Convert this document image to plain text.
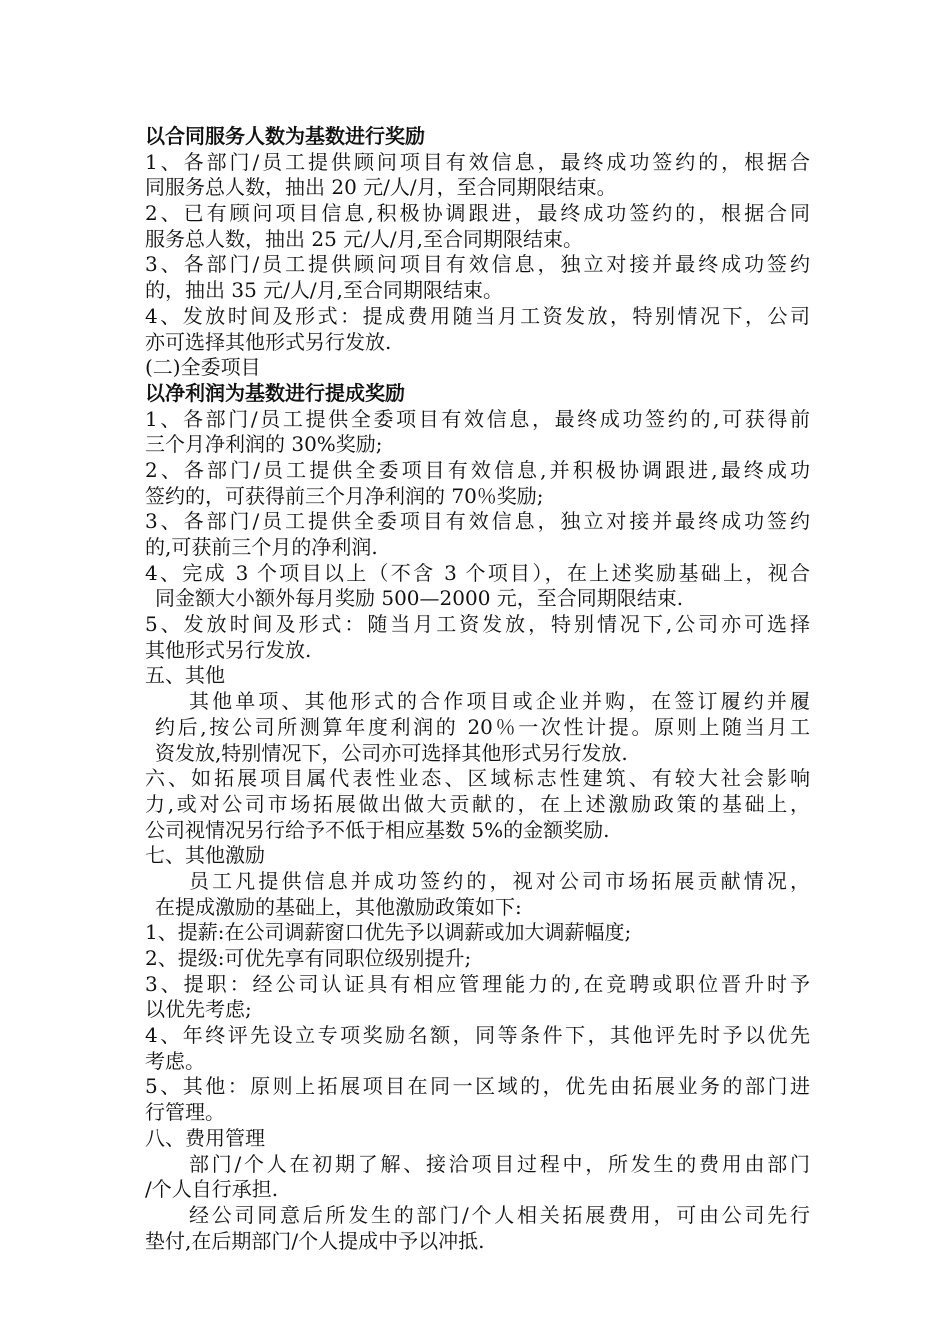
以合同服务人数为基数进行奖励
1、各部门/员工提供顾问项目有效信息，最终成功签约的，根据合
同服务总人数，抽出 20 元/人/月，至合同期限结束。
2、已有顾问项目信息,积极协调跟进，最终成功签约的，根据合同
服务总人数，抽出 25 元/人/月,至合同期限结束。
3、各部门/员工提供顾问项目有效信息，独立对接并最终成功签约
的，抽出 35 元/人/月,至合同期限结束。
4、发放时间及形式：提成费用随当月工资发放，特别情况下，公司
亦可选择其他形式另行发放.
(二)全委项目
以净利润为基数进行提成奖励
1、各部门/员工提供全委项目有效信息，最终成功签约的,可获得前
三个月净利润的 30%奖励;
2、各部门/员工提供全委项目有效信息,并积极协调跟进,最终成功
签约的，可获得前三个月净利润的 70％奖励;
3、各部门/员工提供全委项目有效信息，独立对接并最终成功签约
的,可获前三个月的净利润.
4、完成 3 个项目以上（不含 3 个项目），在上述奖励基础上，视合
同金额大小额外每月奖励 500—2000 元，至合同期限结束.
5、发放时间及形式：随当月工资发放，特别情况下,公司亦可选择
其他形式另行发放.
五、其他
其他单项、其他形式的合作项目或企业并购，在签订履约并履
约后,按公司所测算年度利润的 20％一次性计提。原则上随当月工
资发放,特别情况下，公司亦可选择其他形式另行发放.
六、如拓展项目属代表性业态、区域标志性建筑、有较大社会影响
力,或对公司市场拓展做出做大贡献的，在上述激励政策的基础上，
公司视情况另行给予不低于相应基数 5%的金额奖励.
七、其他激励
员工凡提供信息并成功签约的，视对公司市场拓展贡献情况，
在提成激励的基础上，其他激励政策如下:
1、提薪:在公司调薪窗口优先予以调薪或加大调薪幅度;
2、提级:可优先享有同职位级别提升;
3、提职：经公司认证具有相应管理能力的,在竞聘或职位晋升时予
以优先考虑;
4、年终评先设立专项奖励名额，同等条件下，其他评先时予以优先
考虑。
5、其他：原则上拓展项目在同一区域的，优先由拓展业务的部门进
行管理。
八、费用管理
部门/个人在初期了解、接洽项目过程中，所发生的费用由部门
/个人自行承担.
经公司同意后所发生的部门/个人相关拓展费用，可由公司先行
垫付,在后期部门/个人提成中予以冲抵.
